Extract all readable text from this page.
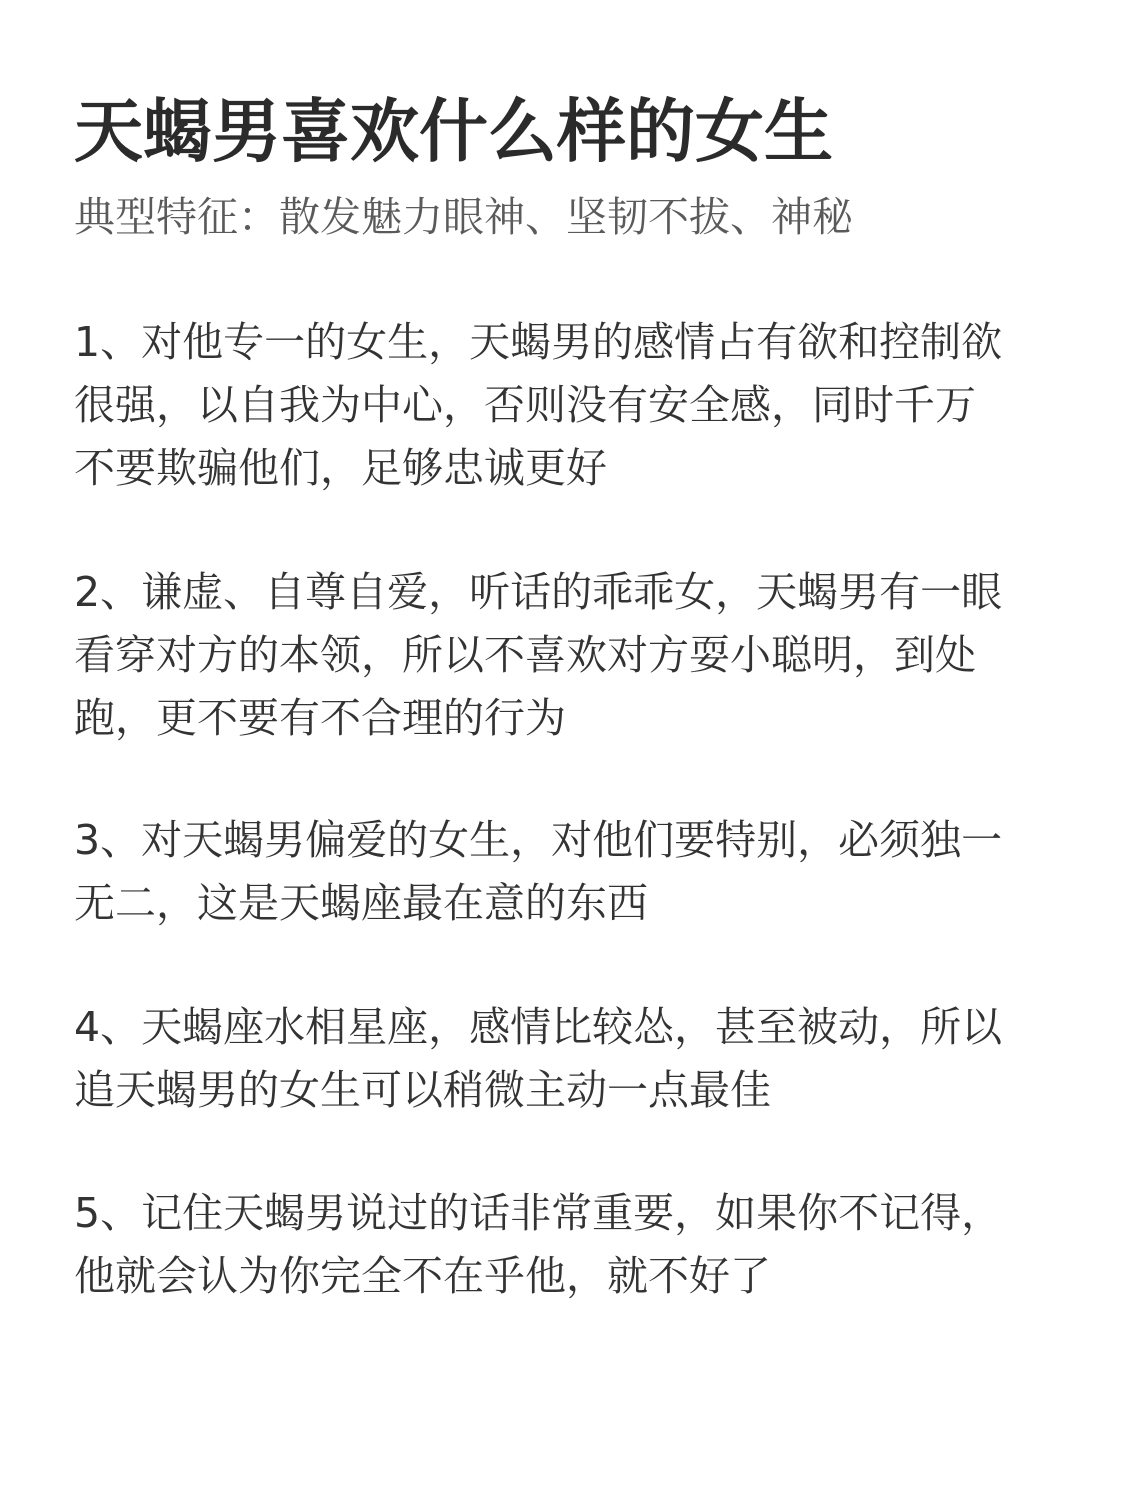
天蝎男喜欢什么样的女生

典型特征：散发魅力眼神、坚韧不拔、神秘

1、对他专一的女生，天蝎男的感情占有欲和控制欲
很强，以自我为中心，否则没有安全感，同时千万
不要欺骗他们，足够忠诚更好

2、谦虚、自尊自爱，听话的乖乖女，天蝎男有一眼
看穿对方的本领，所以不喜欢对方耍小聪明，到处
跑，更不要有不合理的行为

3、对天蝎男偏爱的女生，对他们要特别，必须独一
无二，这是天蝎座最在意的东西

4、天蝎座水相星座，感情比较怂，甚至被动，所以
追天蝎男的女生可以稍微主动一点最佳

5、记住天蝎男说过的话非常重要，如果你不记得，
他就会认为你完全不在乎他，就不好了
